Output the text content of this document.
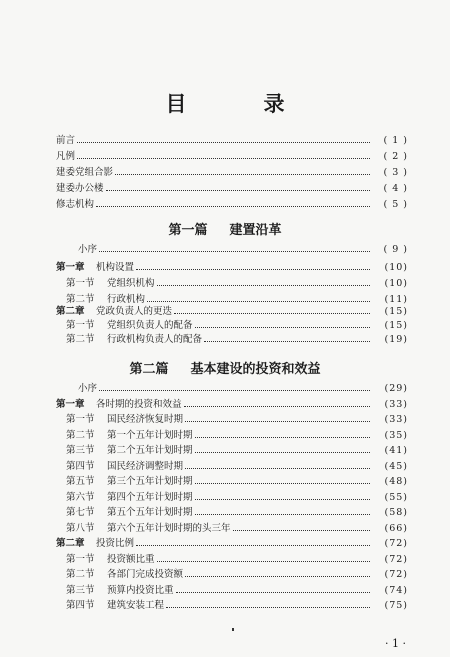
目　录
前言	( 1 )
凡例	( 2 )
建委党组合影	( 3 )
建委办公楼	( 4 )
修志机构	( 5 )
第一篇 建置沿革
小序	( 9 )
第一章	机构设置	(10)
第一节	党组织机构	(10)
第二节	行政机构	(11)
第二章	党政负责人的更迭	(15)
第一节	党组织负责人的配备	(15)
第二节	行政机构负责人的配备	(19)
第二篇 基本建设的投资和效益
小序	(29)
第一章	各时期的投资和效益	(33)
第一节	国民经济恢复时期	(33)
第二节	第一个五年计划时期	(35)
第三节	第二个五年计划时期	(41)
第四节	国民经济调整时期	(45)
第五节	第三个五年计划时期	(48)
第六节	第四个五年计划时期	(55)
第七节	第五个五年计划时期	(58)
第八节	第六个五年计划时期的头三年	(66)
第二章	投资比例	(72)
第一节	投资额比重	(72)
第二节	各部门完成投资额	(72)
第三节	预算内投资比重	(74)
第四节	建筑安装工程	(75)
· 1 ·
